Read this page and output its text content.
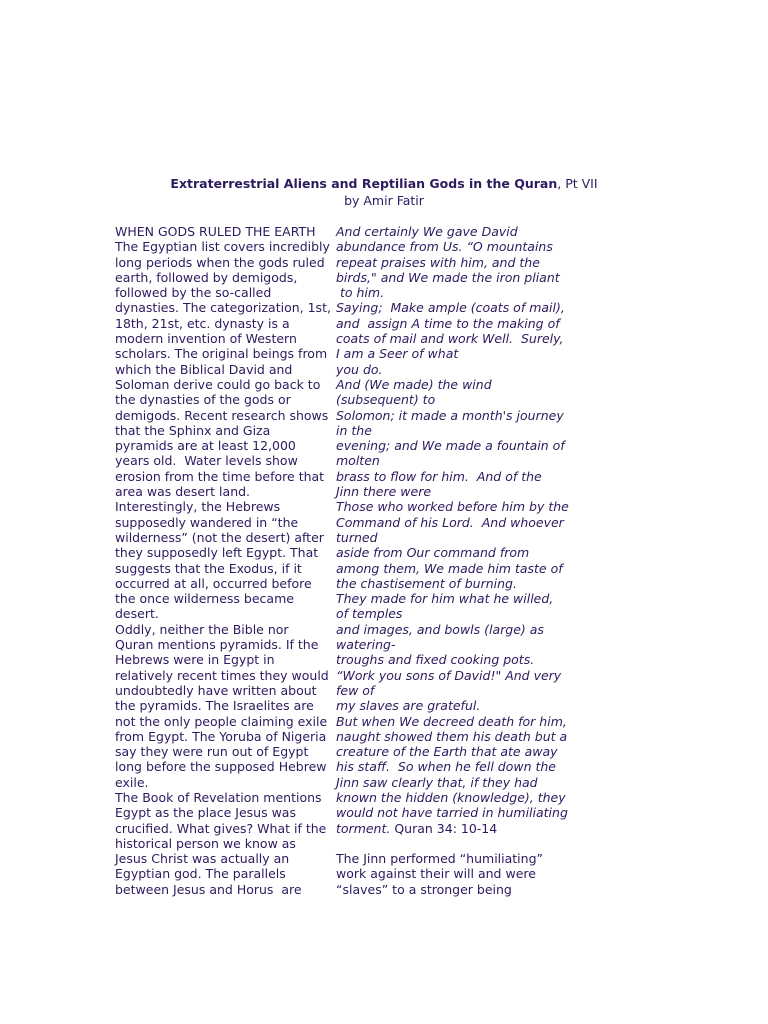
Extraterrestrial Aliens and Reptilian Gods in the Quran, Pt VII
by Amir Fatir
WHEN GODS RULED THE EARTH
The Egyptian list covers incredibly
long periods when the gods ruled
earth, followed by demigods,
followed by the so-called
dynasties. The categorization, 1st,
18th, 21st, etc. dynasty is a
modern invention of Western
scholars. The original beings from
which the Biblical David and
Soloman derive could go back to
the dynasties of the gods or
demigods. Recent research shows
that the Sphinx and Giza
pyramids are at least 12,000
years old.  Water levels show
erosion from the time before that
area was desert land.
Interestingly, the Hebrews
supposedly wandered in “the
wilderness” (not the desert) after
they supposedly left Egypt. That
suggests that the Exodus, if it
occurred at all, occurred before
the once wilderness became
desert.
Oddly, neither the Bible nor
Quran mentions pyramids. If the
Hebrews were in Egypt in
relatively recent times they would
undoubtedly have written about
the pyramids. The Israelites are
not the only people claiming exile
from Egypt. The Yoruba of Nigeria
say they were run out of Egypt
long before the supposed Hebrew
exile.
The Book of Revelation mentions
Egypt as the place Jesus was
crucified. What gives? What if the
historical person we know as
Jesus Christ was actually an
Egyptian god. The parallels
between Jesus and Horus  are
And certainly We gave David
abundance from Us. “O mountains
repeat praises with him, and the
birds," and We made the iron pliant
to him.
Saying;  Make ample (coats of mail),
and  assign A time to the making of
coats of mail and work Well.  Surely,
I am a Seer of what
you do.
And (We made) the wind
(subsequent) to
Solomon; it made a month's journey
in the
evening; and We made a fountain of
molten
brass to flow for him.  And of the
Jinn there were
Those who worked before him by the
Command of his Lord.  And whoever
turned
aside from Our command from
among them, We made him taste of
the chastisement of burning.
They made for him what he willed,
of temples
and images, and bowls (large) as
watering-
troughs and fixed cooking pots.
“Work you sons of David!" And very
few of
my slaves are grateful.
But when We decreed death for him,
naught showed them his death but a
creature of the Earth that ate away
his staff.  So when he fell down the
Jinn saw clearly that, if they had
known the hidden (knowledge), they
would not have tarried in humiliating
torment. Quran 34: 10-14
The Jinn performed “humiliating”
work against their will and were
“slaves” to a stronger being
